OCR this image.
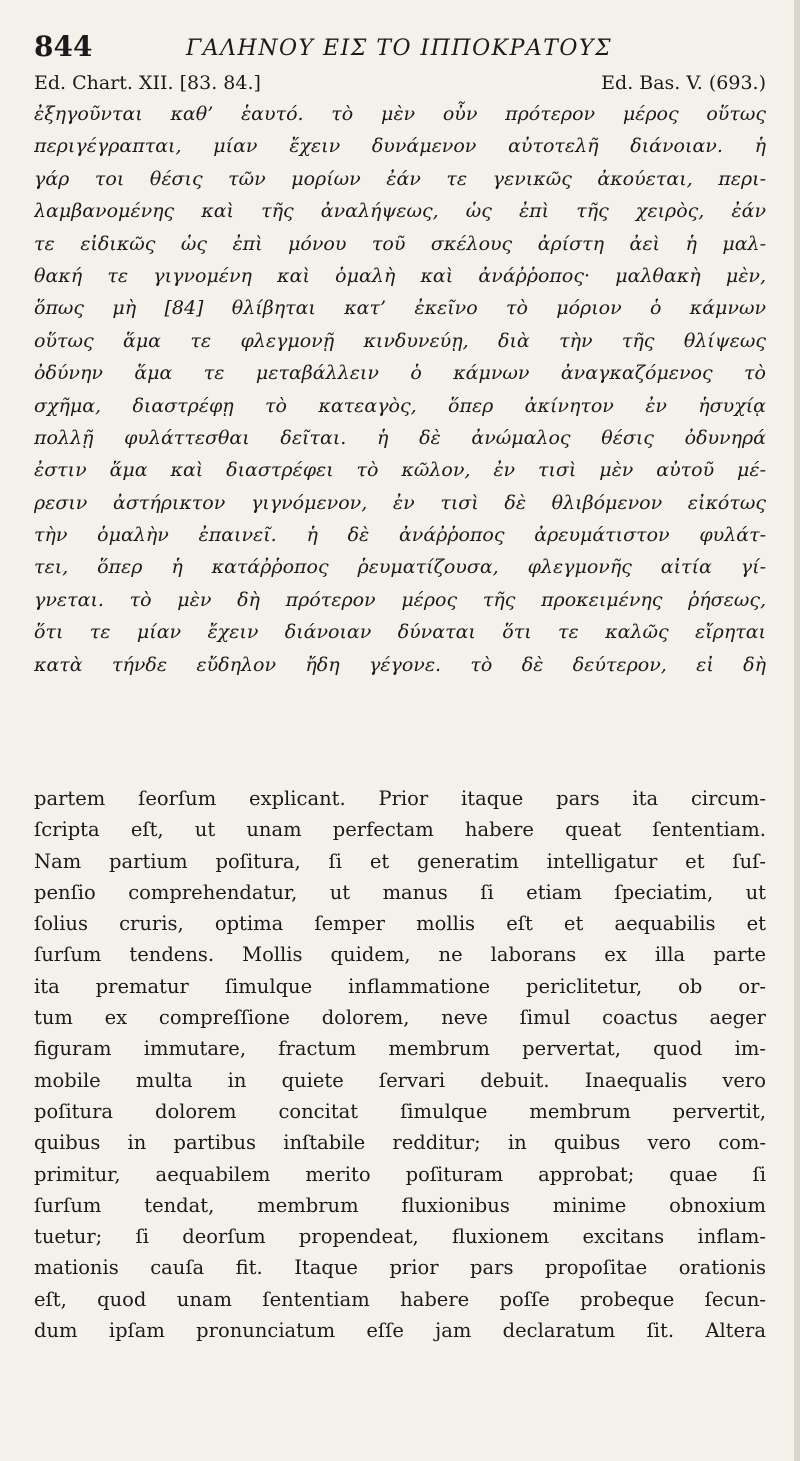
844	ΓΑΛΗΝΟΥ ΕΙΣ ΤΟ ΙΠΠΟΚΡΑΤΟΥΣ
Ed. Chart. XII. [83. 84.]	Ed. Bas. V. (693.)
ἐξηγοῦνται καθ’ ἑαυτό. τὸ μὲν οὖν πρότερον μέρος οὕτως
περιγέγραπται, μίαν ἔχειν δυνάμενον αὐτοτελῆ διάνοιαν. ἡ
γάρ τοι θέσις τῶν μορίων ἐάν τε γενικῶς ἀκούεται, περι-
λαμβανομένης καὶ τῆς ἀναλήψεως, ὡς ἐπὶ τῆς χειρὸς, ἐάν
τε εἰδικῶς ὡς ἐπὶ μόνου τοῦ σκέλους ἀρίστη ἀεὶ ἡ μαλ-
θακή τε γιγνομένη καὶ ὁμαλὴ καὶ ἀνάῤῥοπος· μαλθακὴ μὲν,
ὅπως μὴ [84] θλίβηται κατ’ ἐκεῖνο τὸ μόριον ὁ κάμνων
οὕτως ἅμα τε φλεγμονῇ κινδυνεύῃ, διὰ τὴν τῆς θλίψεως
ὀδύνην ἅμα τε μεταβάλλειν ὁ κάμνων ἀναγκαζόμενος τὸ
σχῆμα, διαστρέφῃ τὸ κατεαγὸς, ὅπερ ἀκίνητον ἐν ἡσυχίᾳ
πολλῇ φυλάττεσθαι δεῖται. ἡ δὲ ἀνώμαλος θέσις ὀδυνηρά
ἐστιν ἅμα καὶ διαστρέφει τὸ κῶλον, ἐν τισὶ μὲν αὐτοῦ μέ-
ρεσιν ἀστήρικτον γιγνόμενον, ἐν τισὶ δὲ θλιβόμενον εἰκότως
τὴν ὁμαλὴν ἐπαινεῖ. ἡ δὲ ἀνάῤῥοπος ἀρευμάτιστον φυλάτ-
τει, ὅπερ ἡ κατάῤῥοπος ῥευματίζουσα, φλεγμονῆς αἰτία γί-
γνεται. τὸ μὲν δὴ πρότερον μέρος τῆς προκειμένης ῥήσεως,
ὅτι τε μίαν ἔχειν διάνοιαν δύναται ὅτι τε καλῶς εἴρηται
κατὰ τήνδε εὔδηλον ἤδη γέγονε. τὸ δὲ δεύτερον, εἰ δὴ
partem ſeorſum explicant. Prior itaque pars ita circum-
ſcripta eſt, ut unam perfectam habere queat ſententiam.
Nam partium poſitura, ſi et generatim intelligatur et ſuſ-
penſio comprehendatur, ut manus ſi etiam ſpeciatim, ut
ſolius cruris, optima ſemper mollis eſt et aequabilis et
ſurſum tendens. Mollis quidem, ne laborans ex illa parte
ita prematur ſimulque inflammatione periclitetur, ob or-
tum ex compreſſione dolorem, neve ſimul coactus aeger
figuram immutare, fractum membrum pervertat, quod im-
mobile multa in quiete ſervari debuit. Inaequalis vero
poſitura dolorem concitat ſimulque membrum pervertit,
quibus in partibus inſtabile redditur; in quibus vero com-
primitur, aequabilem merito poſituram approbat; quae ſi
ſurſum tendat, membrum fluxionibus minime obnoxium
tuetur; ſi deorſum propendeat, fluxionem excitans inflam-
mationis cauſa fit. Itaque prior pars propoſitae orationis
eſt, quod unam ſententiam habere poſſe probeque ſecun-
dum ipſam pronunciatum eſſe jam declaratum ſit. Altera
